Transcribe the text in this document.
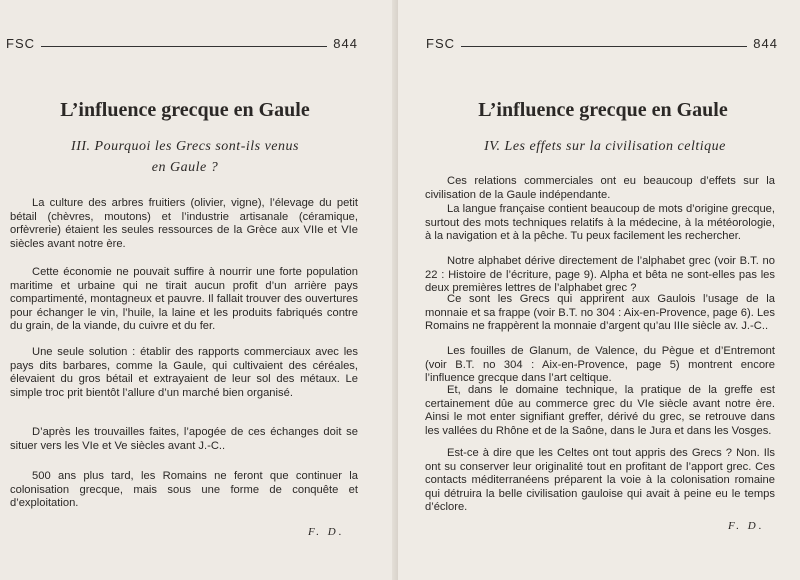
FSC	844
L’influence grecque en Gaule
III. Pourquoi les Grecs sont-ils venus
en Gaule ?

La culture des arbres fruitiers (olivier, vigne), l’élevage du petit bétail (chèvres, moutons) et l’industrie artisanale (céramique, orfèvrerie) étaient les seules ressources de la Grèce aux VIIe et VIe siècles avant notre ère.

Cette économie ne pouvait suffire à nourrir une forte population maritime et urbaine qui ne tirait aucun profit d’un arrière pays compartimenté, montagneux et pauvre. Il fallait trouver des ouvertures pour échanger le vin, l’huile, la laine et les produits fabriqués contre du grain, de la viande, du cuivre et du fer.

Une seule solution : établir des rapports commerciaux avec les pays dits barbares, comme la Gaule, qui cultivaient des céréales, élevaient du gros bétail et extrayaient de leur sol des métaux. Le simple troc prit bientôt l’allure d’un marché bien organisé.

D’après les trouvailles faites, l’apogée de ces échanges doit se situer vers les VIe et Ve siècles avant J.-C..

500 ans plus tard, les Romains ne feront que continuer la colonisation grecque, mais sous une forme de conquête et d’exploitation.

F. D.
FSC	844
L’influence grecque en Gaule
IV. Les effets sur la civilisation celtique

Ces relations commerciales ont eu beaucoup d’effets sur la civilisation de la Gaule indépendante.

La langue française contient beaucoup de mots d’origine grecque, surtout des mots techniques relatifs à la médecine, à la météorologie, à la navigation et à la pêche. Tu peux facilement les rechercher.

Notre alphabet dérive directement de l’alphabet grec (voir B.T. no 22 : Histoire de l’écriture, page 9). Alpha et bêta ne sont-elles pas les deux premières lettres de l’alphabet grec ?

Ce sont les Grecs qui apprirent aux Gaulois l’usage de la monnaie et sa frappe (voir B.T. no 304 : Aix-en-Provence, page 6). Les Romains ne frappèrent la monnaie d’argent qu’au IIIe siècle av. J.-C..

Les fouilles de Glanum, de Valence, du Pègue et d’Entremont (voir B.T. no 304 : Aix-en-Provence, page 5) montrent encore l’influence grecque dans l’art celtique.

Et, dans le domaine technique, la pratique de la greffe est certainement dûe au commerce grec du VIe siècle avant notre ère. Ainsi le mot enter signifiant greffer, dérivé du grec, se retrouve dans les vallées du Rhône et de la Saône, dans le Jura et dans les Vosges.

Est-ce à dire que les Celtes ont tout appris des Grecs ? Non. Ils ont su conserver leur originalité tout en profitant de l’apport grec. Ces contacts méditerranéens préparent la voie à la colonisation romaine qui détruira la belle civilisation gauloise qui avait à peine eu le temps d’éclore.

F. D.
